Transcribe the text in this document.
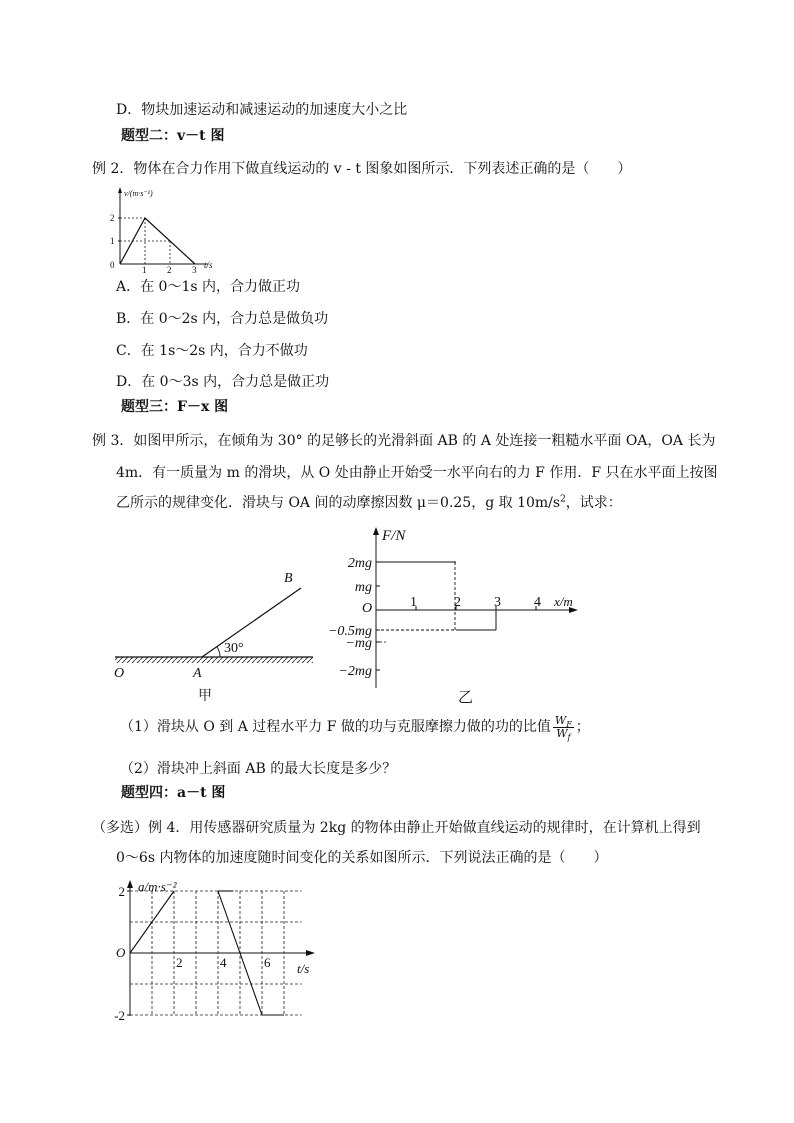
D．物块加速运动和减速运动的加速度大小之比
题型二：v－t 图
例 2．物体在合力作用下做直线运动的 v - t 图象如图所示．下列表述正确的是（　　）
1 2 3
1
2
v/(m·s⁻¹)
t/s
0
A．在 0～1s 内，合力做正功
B．在 0～2s 内，合力总是做负功
C．在 1s～2s 内，合力不做功
D．在 0～3s 内，合力总是做正功
题型三：F－x 图
例 3．如图甲所示，在倾角为 30° 的足够长的光滑斜面 AB 的 A 处连接一粗糙水平面 OA，OA 长为
4m．有一质量为 m 的滑块，从 O 处由静止开始受一水平向右的力 F 作用．F 只在水平面上按图
乙所示的规律变化．滑块与 OA 间的动摩擦因数 μ＝0.25，g 取 $10m/s^2$，试求：
30°
B
A
O
甲
1	2 3 4
2mg
mg
−0.5mg
−mg
−2mg
F/N
x/m
O
乙
（1）滑块从 O 到 A 过程水平力 F 做的功与克服摩擦力做的功的比值 $\frac{W_F}{W_f}$ ；
（2）滑块冲上斜面 AB 的最大长度是多少？
题型四：a－t 图
（多选）例 4．用传感器研究质量为 2kg 的物体由静止开始做直线运动的规律时，在计算机上得到
0～6s 内物体的加速度随时间变化的关系如图所示．下列说法正确的是（　　）
2	4	6
2
-2
a/m·s⁻²
t/s
O
